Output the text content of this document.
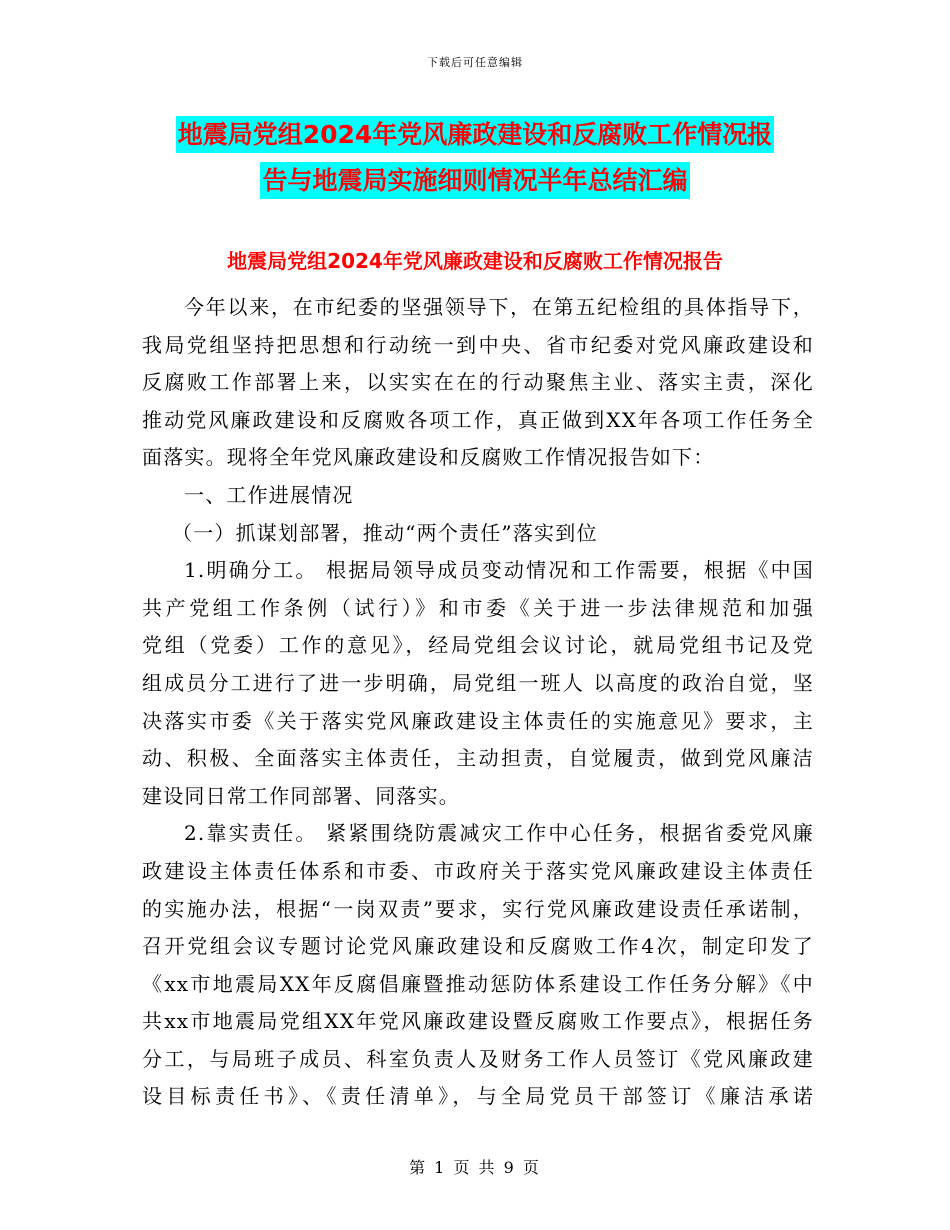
下载后可任意编辑
地震局党组2024年党风廉政建设和反腐败工作情况报
告与地震局实施细则情况半年总结汇编
地震局党组2024年党风廉政建设和反腐败工作情况报告
今年以来，在市纪委的坚强领导下，在第五纪检组的具体指导下，
我局党组坚持把思想和行动统一到中央、省市纪委对党风廉政建设和
反腐败工作部署上来，以实实在在的行动聚焦主业、落实主责，深化
推动党风廉政建设和反腐败各项工作，真正做到XX年各项工作任务全
面落实。现将全年党风廉政建设和反腐败工作情况报告如下：
一、工作进展情况
（一）抓谋划部署，推动“两个责任”落实到位
1.明确分工。 根据局领导成员变动情况和工作需要，根据《中国
共产党组工作条例（试行）》和市委《关于进一步法律规范和加强
党组（党委）工作的意见》，经局党组会议讨论，就局党组书记及党
组成员分工进行了进一步明确，局党组一班人 以高度的政治自觉，坚
决落实市委《关于落实党风廉政建设主体责任的实施意见》要求，主
动、积极、全面落实主体责任，主动担责，自觉履责，做到党风廉洁
建设同日常工作同部署、同落实。
2.靠实责任。 紧紧围绕防震减灾工作中心任务，根据省委党风廉
政建设主体责任体系和市委、市政府关于落实党风廉政建设主体责任
的实施办法，根据“一岗双责”要求，实行党风廉政建设责任承诺制，
召开党组会议专题讨论党风廉政建设和反腐败工作4次，制定印发了
《xx市地震局XX年反腐倡廉暨推动惩防体系建设工作任务分解》《中
共xx市地震局党组XX年党风廉政建设暨反腐败工作要点》，根据任务
分工，与局班子成员、科室负责人及财务工作人员签订《党风廉政建
设目标责任书》、《责任清单》，与全局党员干部签订《廉洁承诺
第 1 页 共 9 页
